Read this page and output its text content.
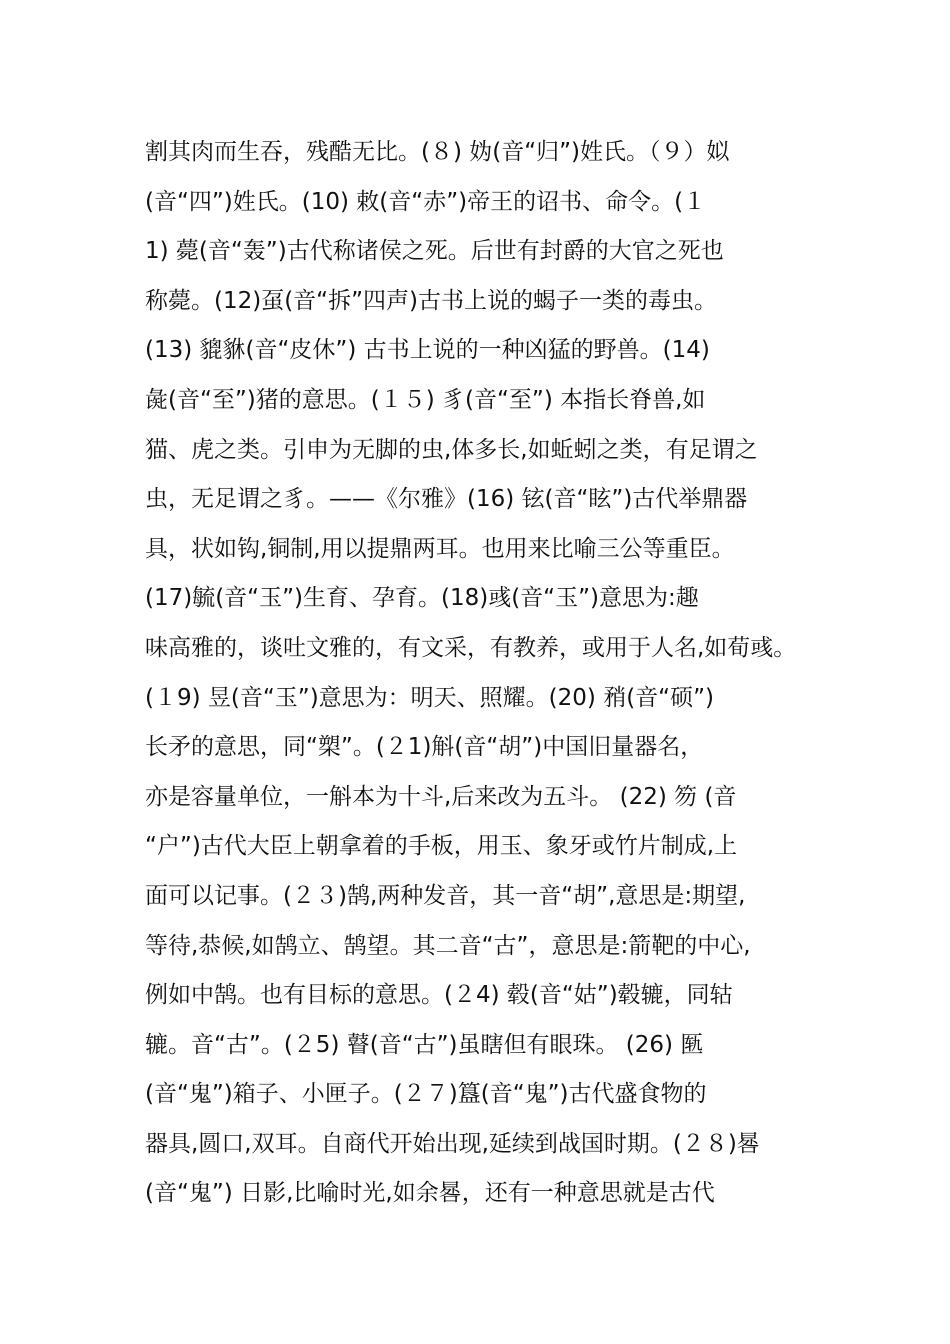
割其肉而生吞，残酷无比。(８) 妫(音“归”)姓氏。（９）姒
(音“四”)姓氏。(10) 敕(音“赤”)帝王的诏书、命令。(１
1) 薨(音“轰”)古代称诸侯之死。后世有封爵的大官之死也
称薨。(12)虿(音“拆”四声)古书上说的蝎子一类的毒虫。
(13) 貔貅(音“皮休”) 古书上说的一种凶猛的野兽。(14)
彘(音“至”)猪的意思。(１５) 豸(音“至”) 本指长脊兽,如
猫、虎之类。引申为无脚的虫,体多长,如蚯蚓之类，有足谓之
虫，无足谓之豸。——《尔雅》(16) 铉(音“眩”)古代举鼎器
具，状如钩,铜制,用以提鼎两耳。也用来比喻三公等重臣。
(17)毓(音“玉”)生育、孕育。(18)彧(音“玉”)意思为:趣
味高雅的，谈吐文雅的，有文采，有教养，或用于人名,如荀彧。
(１9) 昱(音“玉”)意思为：明天、照耀。(20) 矟(音“硕”)
长矛的意思，同“槊”。(２1)斛(音“胡”)中国旧量器名，
亦是容量单位，一斛本为十斗,后来改为五斗。 (22) 笏 (音
“户”)古代大臣上朝拿着的手板，用玉、象牙或竹片制成,上
面可以记事。(２３)鹄,两种发音，其一音“胡”,意思是:期望,
等待,恭候,如鹄立、鹄望。其二音“古”，意思是:箭靶的中心,
例如中鹄。也有目标的意思。(２4) 毂(音“姑”)毂辘，同轱
辘。音“古”。(２5) 瞽(音“古”)虽瞎但有眼珠。 (26) 匦
(音“鬼”)箱子、小匣子。(２７)簋(音“鬼”)古代盛食物的
器具,圆口,双耳。自商代开始出现,延续到战国时期。(２８)晷
(音“鬼”) 日影,比喻时光,如余晷，还有一种意思就是古代
